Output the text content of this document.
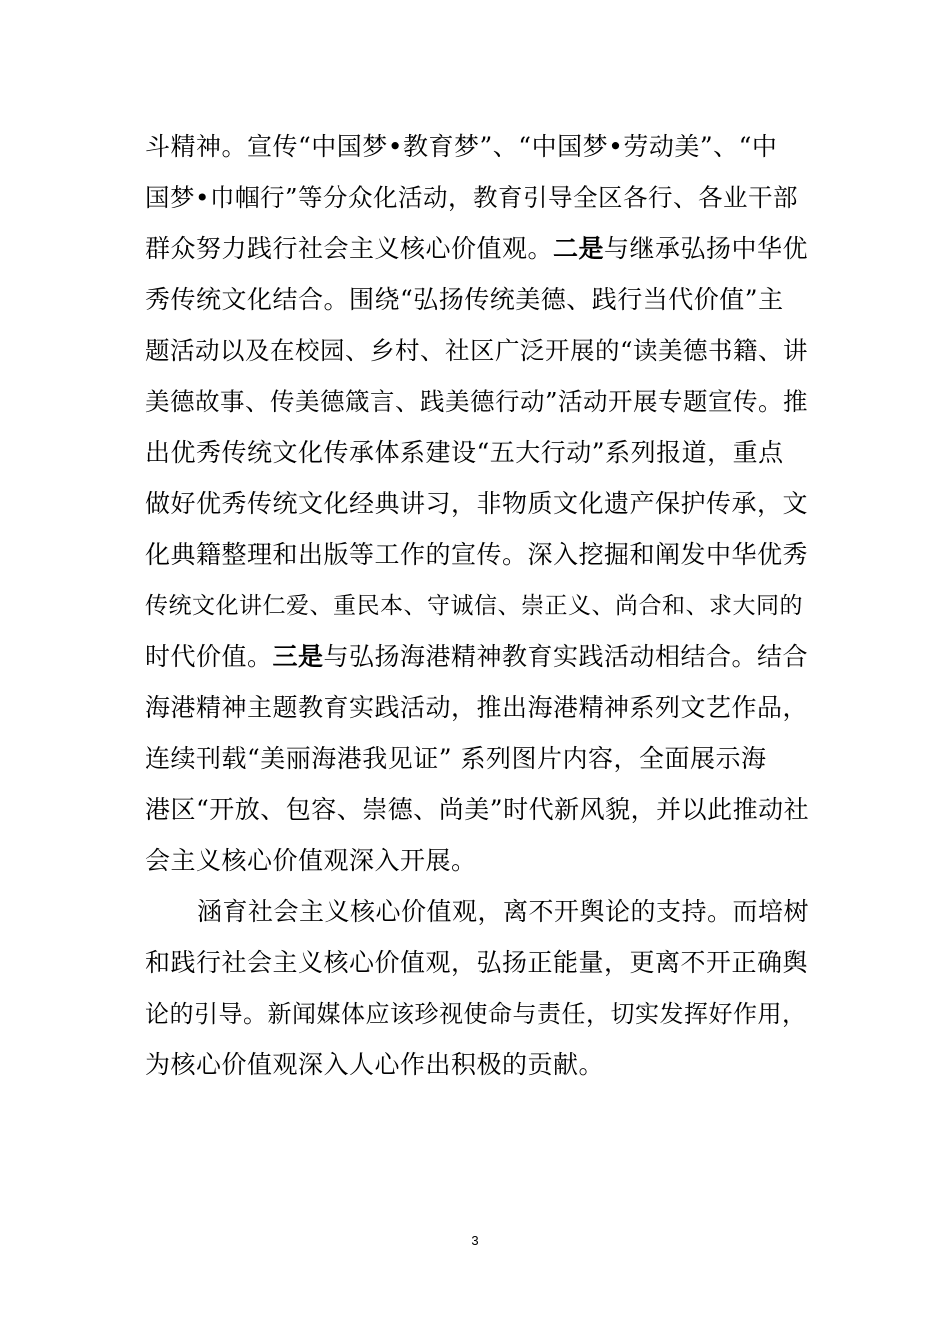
斗精神。宣传“中国梦•教育梦”、“中国梦•劳动美”、“中
国梦•巾帼行”等分众化活动，教育引导全区各行、各业干部
群众努力践行社会主义核心价值观。二是与继承弘扬中华优
秀传统文化结合。围绕“弘扬传统美德、践行当代价值”主
题活动以及在校园、乡村、社区广泛开展的“读美德书籍、讲
美德故事、传美德箴言、践美德行动”活动开展专题宣传。推
出优秀传统文化传承体系建设“五大行动”系列报道，重点
做好优秀传统文化经典讲习，非物质文化遗产保护传承，文
化典籍整理和出版等工作的宣传。深入挖掘和阐发中华优秀
传统文化讲仁爱、重民本、守诚信、崇正义、尚合和、求大同的
时代价值。三是与弘扬海港精神教育实践活动相结合。结合
海港精神主题教育实践活动，推出海港精神系列文艺作品，
连续刊载“美丽海港我见证” 系列图片内容，全面展示海
港区“开放、包容、崇德、尚美”时代新风貌，并以此推动社
会主义核心价值观深入开展。
涵育社会主义核心价值观，离不开舆论的支持。而培树
和践行社会主义核心价值观，弘扬正能量，更离不开正确舆
论的引导。新闻媒体应该珍视使命与责任，切实发挥好作用，
为核心价值观深入人心作出积极的贡献。
3
